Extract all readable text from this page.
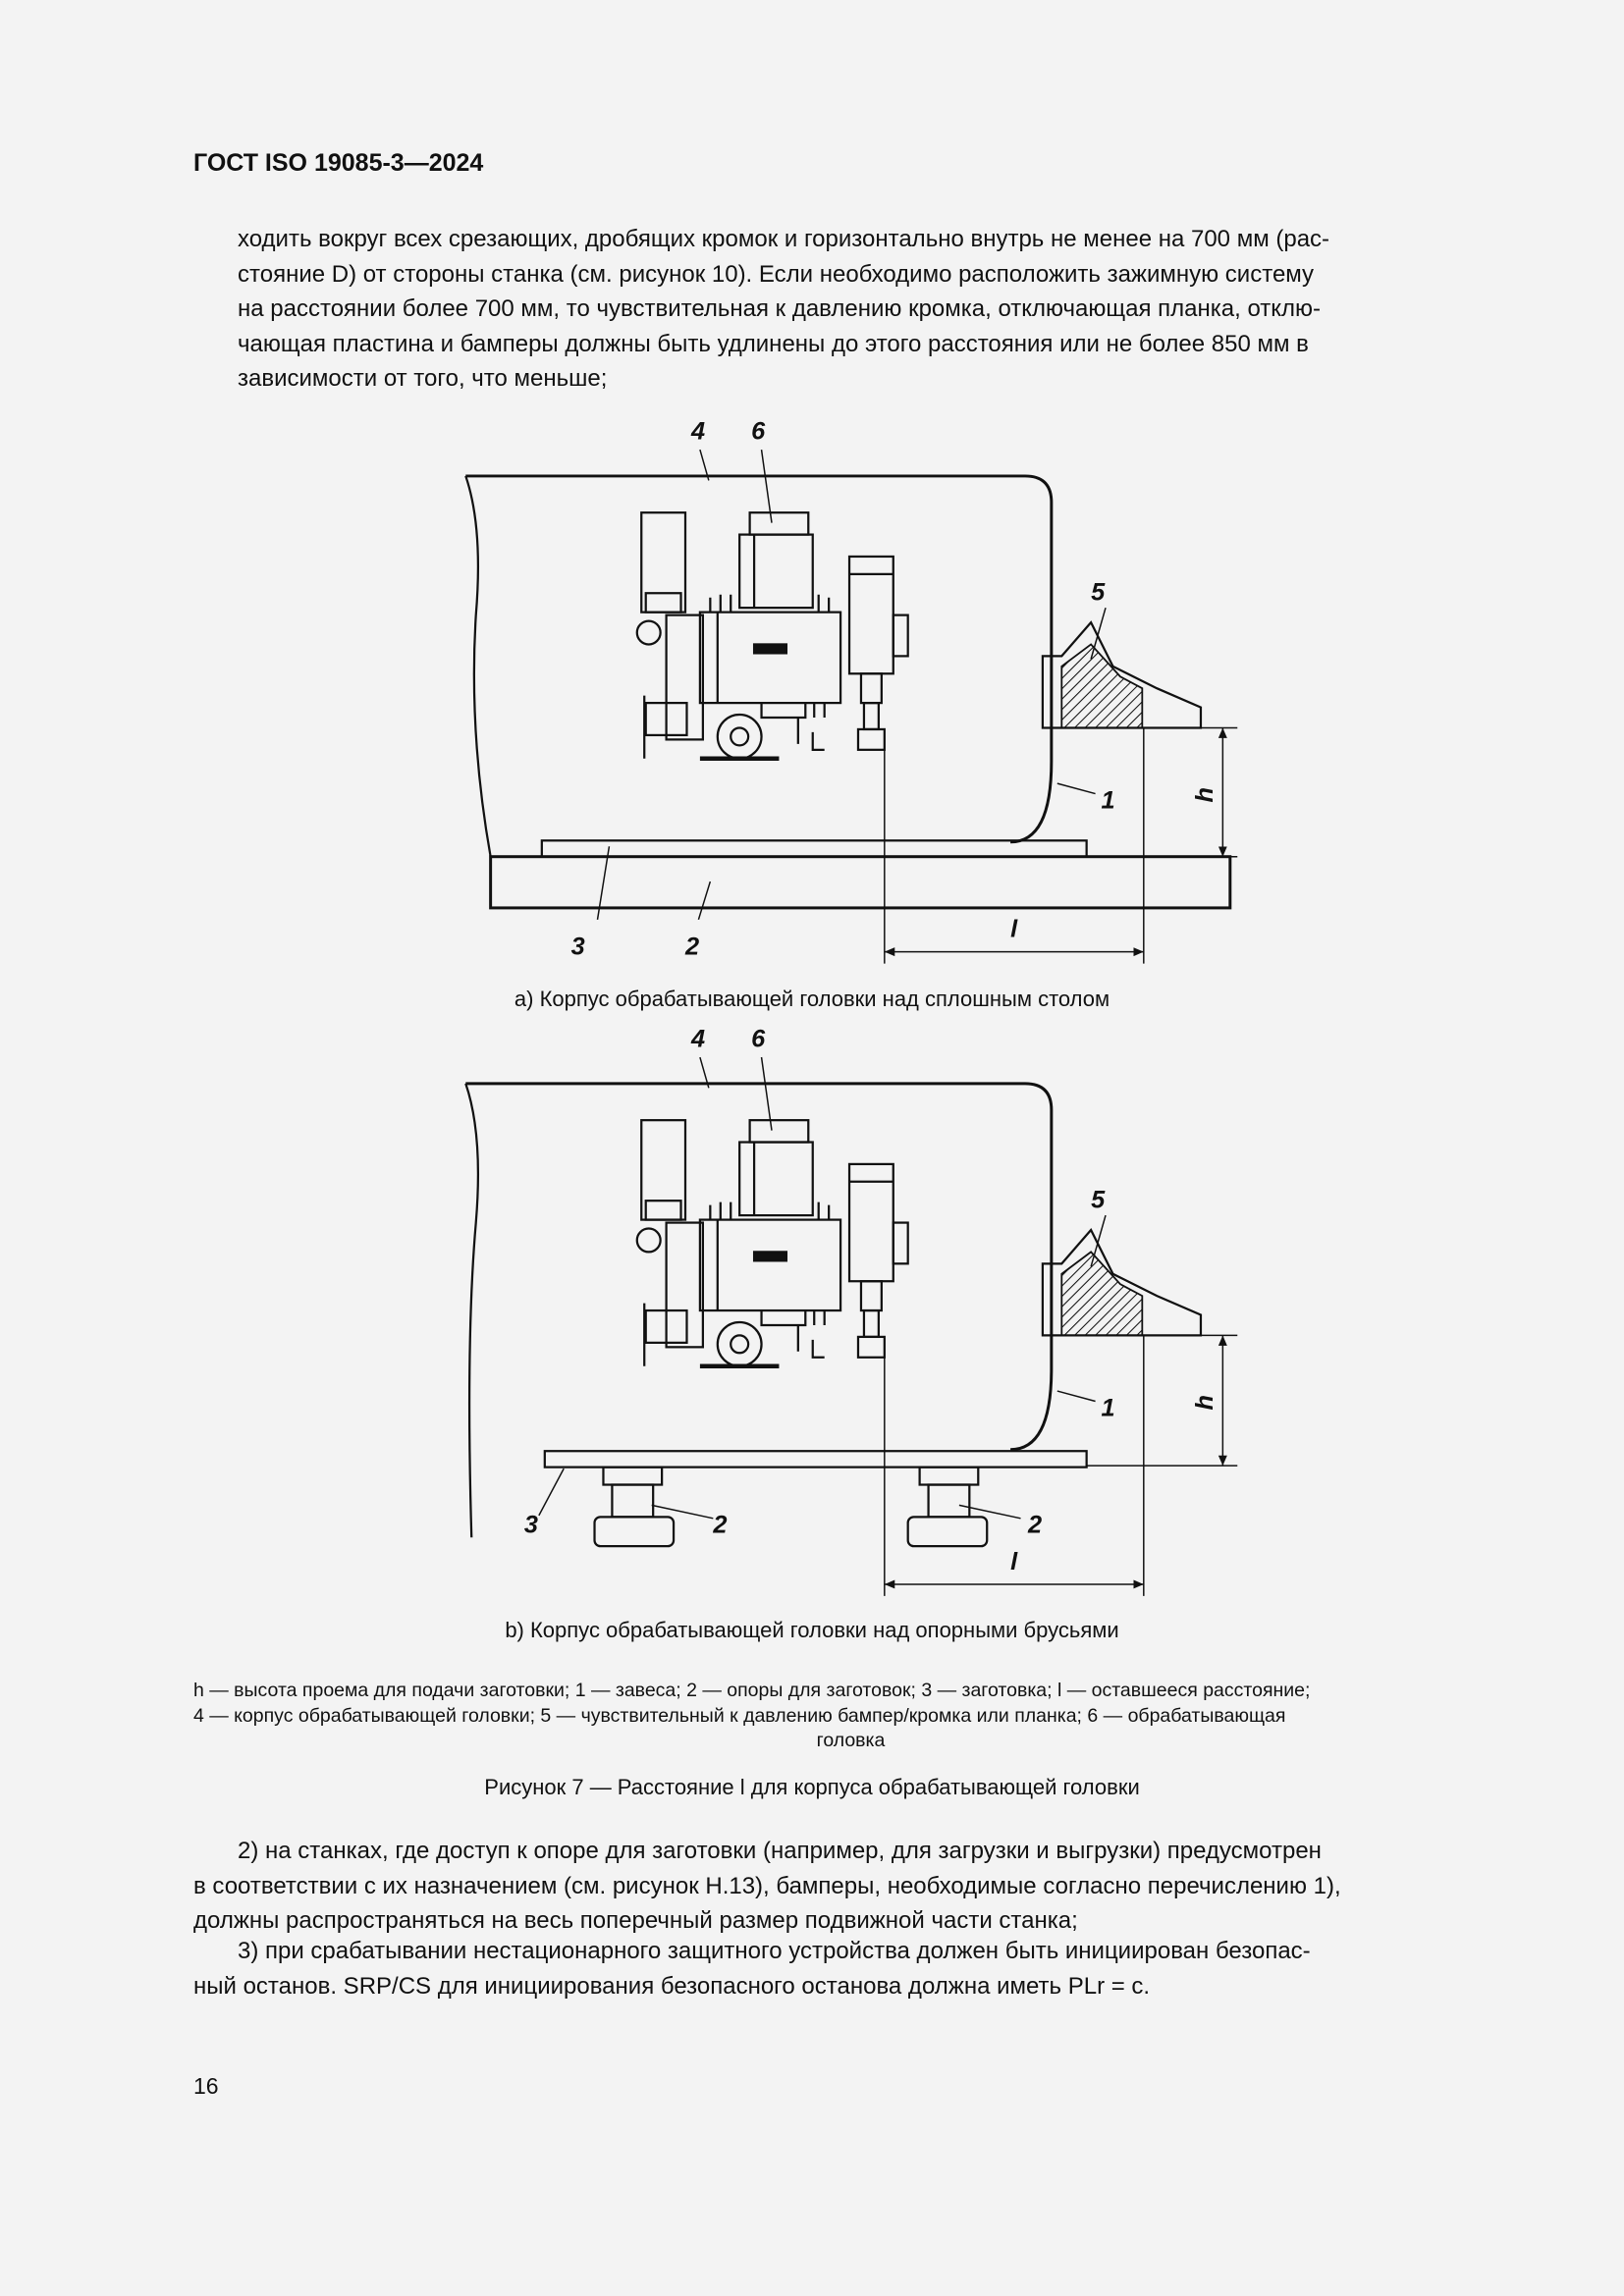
ГОСТ ISO 19085-3—2024
ходить вокруг всех срезающих, дробящих кромок и горизонтально внутрь не менее на 700 мм (рас-
стояние D) от стороны станка (см. рисунок 10). Если необходимо расположить зажимную систему
на расстоянии более 700 мм, то чувствительная к давлению кромка, отключающая планка, отклю-
чающая пластина и бамперы должны быть удлинены до этого расстояния или не более 850 мм в
зависимости от того, что меньше;
4	6
5
1
3	2
h
l
4	6
5
1
3	2	2
h
l
a) Корпус обрабатывающей головки над сплошным столом
b) Корпус обрабатывающей головки над опорными брусьями
h — высота проема для подачи заготовки; 1 — завеса; 2 — опоры для заготовок; 3 — заготовка; l — оставшееся расстояние;
4 — корпус обрабатывающей головки; 5 — чувствительный к давлению бампер/кромка или планка; 6 — обрабатывающая
головка
Рисунок 7 — Расстояние l для корпуса обрабатывающей головки
2) на станках, где доступ к опоре для заготовки (например, для загрузки и выгрузки) предусмотрен
в соответствии с их назначением (см. рисунок Н.13), бамперы, необходимые согласно перечислению 1),
должны распространяться на весь поперечный размер подвижной части станка;
3) при срабатывании нестационарного защитного устройства должен быть инициирован безопас-
ный останов. SRP/CS для инициирования безопасного останова должна иметь PLr = c.
16
